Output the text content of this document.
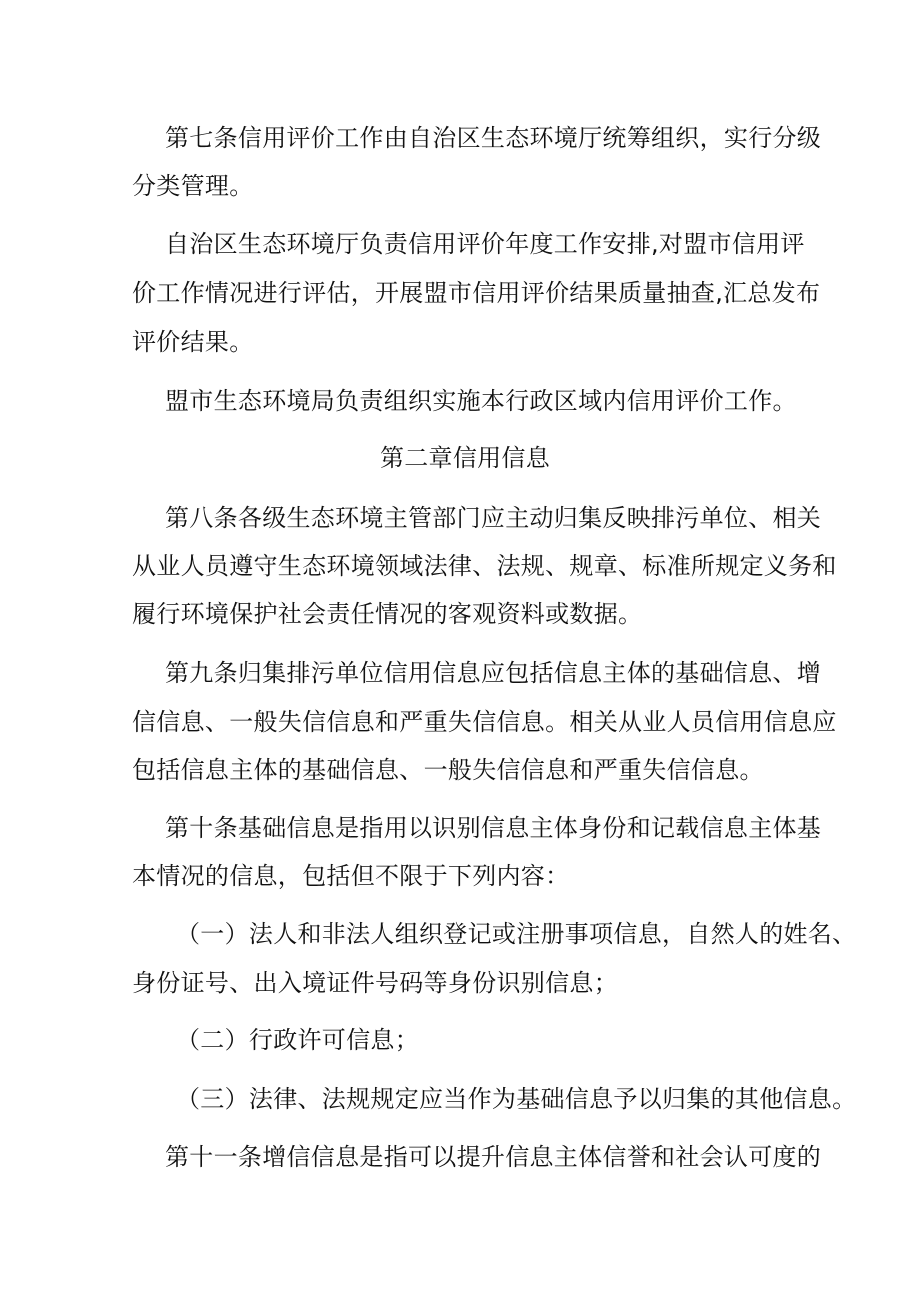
第七条信用评价工作由自治区生态环境厅统筹组织，实行分级

分类管理。

自治区生态环境厅负责信用评价年度工作安排,对盟市信用评

价工作情况进行评估，开展盟市信用评价结果质量抽查,汇总发布

评价结果。

盟市生态环境局负责组织实施本行政区域内信用评价工作。

第二章信用信息

第八条各级生态环境主管部门应主动归集反映排污单位、相关

从业人员遵守生态环境领域法律、法规、规章、标准所规定义务和

履行环境保护社会责任情况的客观资料或数据。

第九条归集排污单位信用信息应包括信息主体的基础信息、增

信信息、一般失信信息和严重失信信息。相关从业人员信用信息应

包括信息主体的基础信息、一般失信信息和严重失信信息。

第十条基础信息是指用以识别信息主体身份和记载信息主体基

本情况的信息，包括但不限于下列内容：

（一）法人和非法人组织登记或注册事项信息，自然人的姓名、

身份证号、出入境证件号码等身份识别信息；

（二）行政许可信息；

（三）法律、法规规定应当作为基础信息予以归集的其他信息。

第十一条增信信息是指可以提升信息主体信誉和社会认可度的
